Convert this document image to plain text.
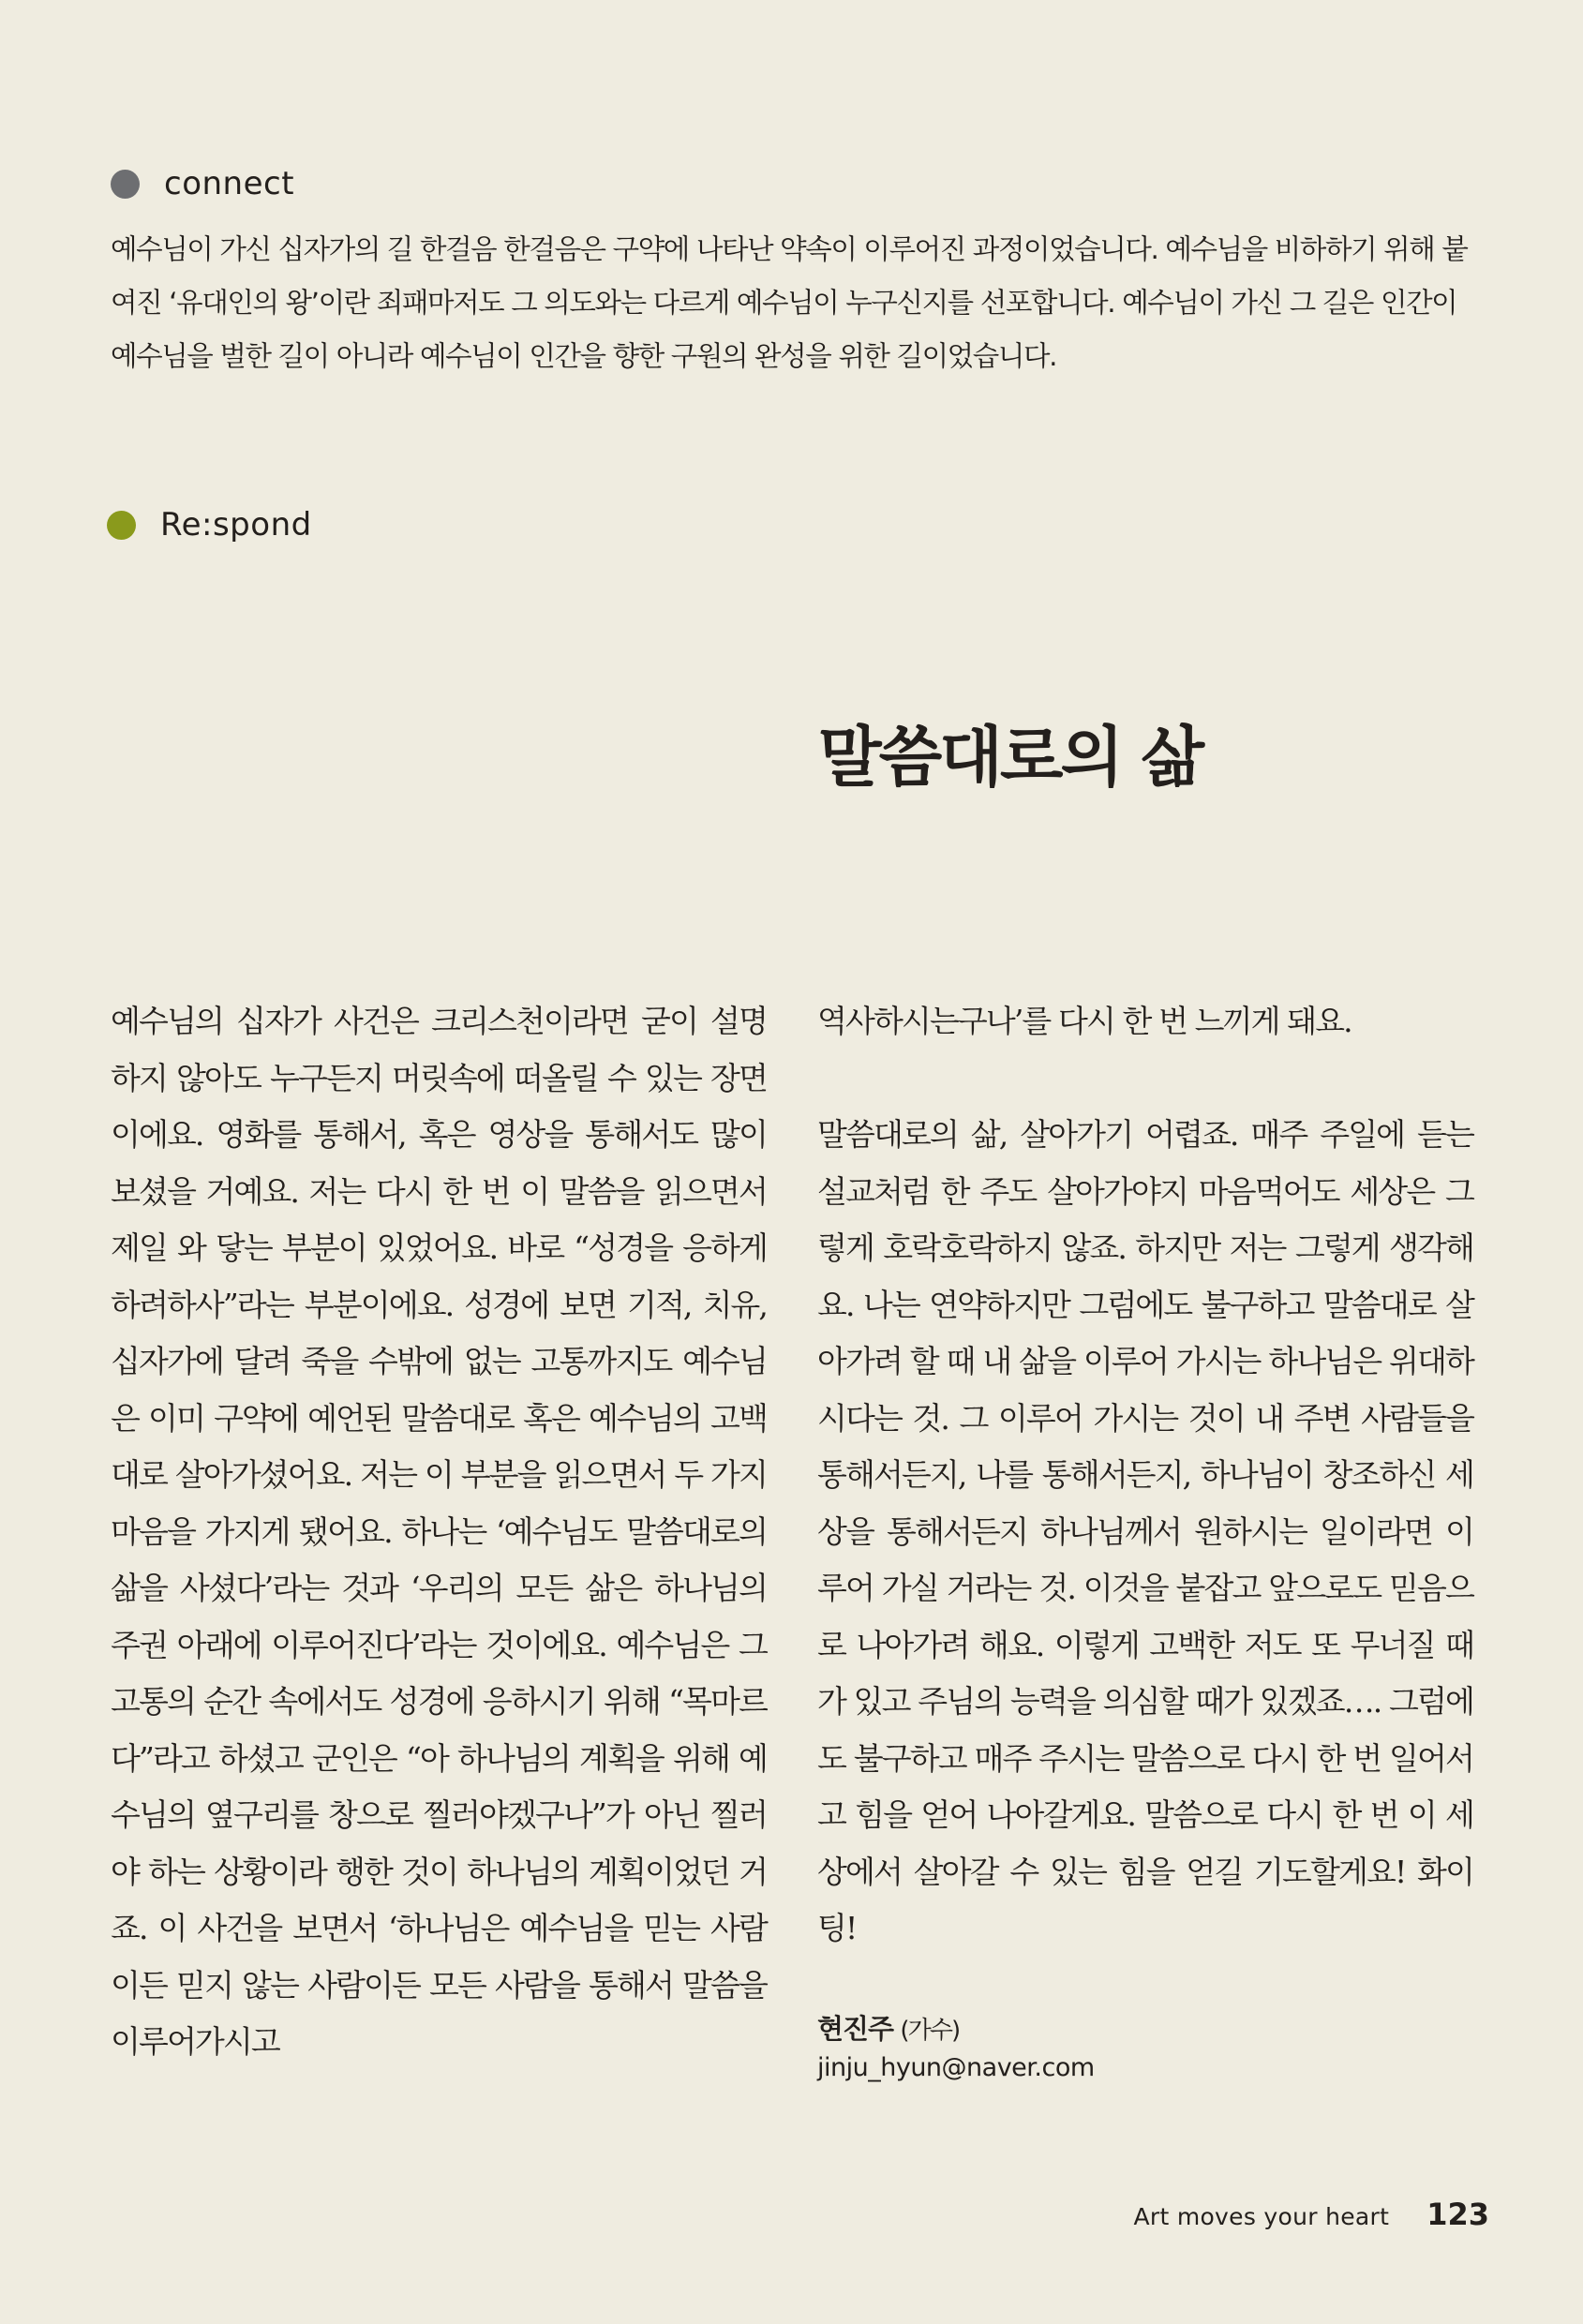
connect

예수님이 가신 십자가의 길 한걸음 한걸음은 구약에 나타난 약속이 이루어진 과정이었습니다. 예수님을 비하하기 위해 붙여진 ‘유대인의 왕’이란 죄패마저도 그 의도와는 다르게 예수님이 누구신지를 선포합니다. 예수님이 가신 그 길은 인간이 예수님을 벌한 길이 아니라 예수님이 인간을 향한 구원의 완성을 위한 길이었습니다.

Re:spond
말씀대로의 삶

예수님의 십자가 사건은 크리스천이라면 굳이 설명하지 않아도 누구든지 머릿속에 떠올릴 수 있는 장면이에요. 영화를 통해서, 혹은 영상을 통해서도 많이 보셨을 거예요. 저는 다시 한 번 이 말씀을 읽으면서 제일 와 닿는 부분이 있었어요. 바로 “성경을 응하게 하려하사”라는 부분이에요. 성경에 보면 기적, 치유, 십자가에 달려 죽을 수밖에 없는 고통까지도 예수님은 이미 구약에 예언된 말씀대로 혹은 예수님의 고백대로 살아가셨어요. 저는 이 부분을 읽으면서 두 가지 마음을 가지게 됐어요. 하나는 ‘예수님도 말씀대로의 삶을 사셨다’라는 것과 ‘우리의 모든 삶은 하나님의 주권 아래에 이루어진다’라는 것이에요. 예수님은 그 고통의 순간 속에서도 성경에 응하시기 위해 “목마르다”라고 하셨고 군인은 “아 하나님의 계획을 위해 예수님의 옆구리를 창으로 찔러야겠구나”가 아닌 찔러야 하는 상황이라 행한 것이 하나님의 계획이었던 거죠. 이 사건을 보면서 ‘하나님은 예수님을 믿는 사람이든 믿지 않는 사람이든 모든 사람을 통해서 말씀을 이루어가시고

역사하시는구나’를 다시 한 번 느끼게 돼요.

말씀대로의 삶, 살아가기 어렵죠. 매주 주일에 듣는 설교처럼 한 주도 살아가야지 마음먹어도 세상은 그렇게 호락호락하지 않죠. 하지만 저는 그렇게 생각해요. 나는 연약하지만 그럼에도 불구하고 말씀대로 살아가려 할 때 내 삶을 이루어 가시는 하나님은 위대하시다는 것. 그 이루어 가시는 것이 내 주변 사람들을 통해서든지, 나를 통해서든지, 하나님이 창조하신 세상을 통해서든지 하나님께서 원하시는 일이라면 이루어 가실 거라는 것. 이것을 붙잡고 앞으로도 믿음으로 나아가려 해요. 이렇게 고백한 저도 또 무너질 때가 있고 주님의 능력을 의심할 때가 있겠죠…. 그럼에도 불구하고 매주 주시는 말씀으로 다시 한 번 일어서고 힘을 얻어 나아갈게요. 말씀으로 다시 한 번 이 세상에서 살아갈 수 있는 힘을 얻길 기도할게요! 화이팅!

현진주 (가수)
jinju_hyun@naver.com
Art moves your heart 123
